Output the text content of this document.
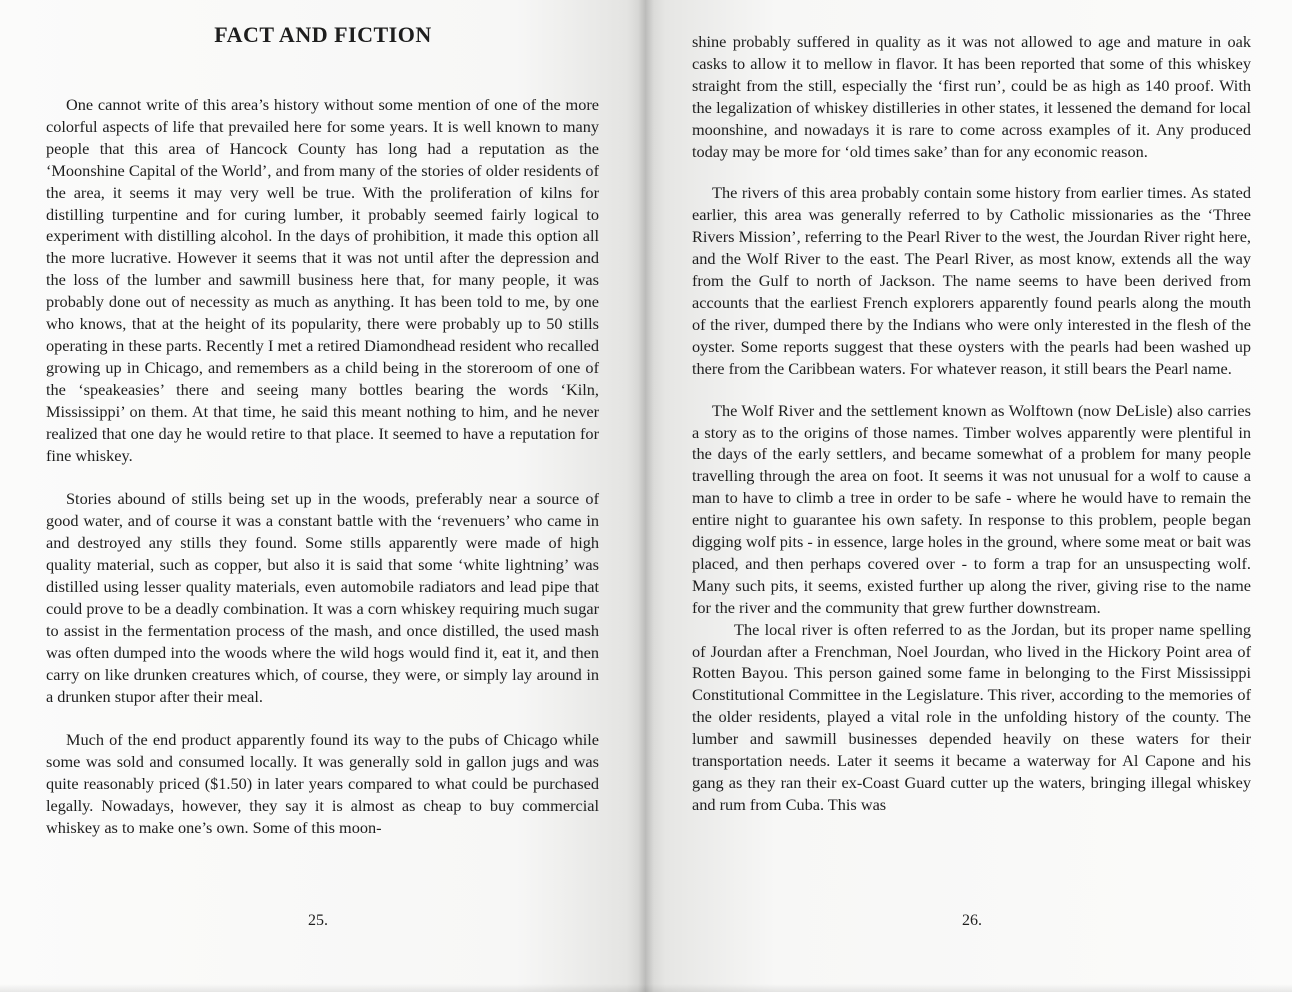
FACT AND FICTION

One cannot write of this area’s history without some mention of one of the more colorful aspects of life that prevailed here for some years. It is well known to many people that this area of Hancock County has long had a reputation as the ‘Moonshine Capital of the World’, and from many of the stories of older residents of the area, it seems it may very well be true. With the proliferation of kilns for distilling turpentine and for curing lumber, it probably seemed fairly logical to experiment with distilling alcohol. In the days of prohibition, it made this option all the more lucrative. However it seems that it was not until after the depression and the loss of the lumber and sawmill business here that, for many people, it was probably done out of necessity as much as anything. It has been told to me, by one who knows, that at the height of its popularity, there were probably up to 50 stills operating in these parts. Recently I met a retired Diamondhead resident who recalled growing up in Chicago, and remembers as a child being in the storeroom of one of the ‘speakeasies’ there and seeing many bottles bearing the words ‘Kiln, Mississippi’ on them. At that time, he said this meant nothing to him, and he never realized that one day he would retire to that place. It seemed to have a reputation for fine whiskey.

Stories abound of stills being set up in the woods, preferably near a source of good water, and of course it was a constant battle with the ‘revenuers’ who came in and destroyed any stills they found. Some stills apparently were made of high quality material, such as copper, but also it is said that some ‘white lightning’ was distilled using lesser quality materials, even automobile radiators and lead pipe that could prove to be a deadly combination. It was a corn whiskey requiring much sugar to assist in the fermentation process of the mash, and once distilled, the used mash was often dumped into the woods where the wild hogs would find it, eat it, and then carry on like drunken creatures which, of course, they were, or simply lay around in a drunken stupor after their meal.

Much of the end product apparently found its way to the pubs of Chicago while some was sold and consumed locally. It was generally sold in gallon jugs and was quite reasonably priced ($1.50) in later years compared to what could be purchased legally. Nowadays, however, they say it is almost as cheap to buy commercial whiskey as to make one’s own. Some of this moon-

25.

shine probably suffered in quality as it was not allowed to age and mature in oak casks to allow it to mellow in flavor. It has been reported that some of this whiskey straight from the still, especially the ‘first run’, could be as high as 140 proof. With the legalization of whiskey distilleries in other states, it lessened the demand for local moonshine, and nowadays it is rare to come across examples of it. Any produced today may be more for ‘old times sake’ than for any economic reason.

The rivers of this area probably contain some history from earlier times. As stated earlier, this area was generally referred to by Catholic missionaries as the ‘Three Rivers Mission’, referring to the Pearl River to the west, the Jourdan River right here, and the Wolf River to the east. The Pearl River, as most know, extends all the way from the Gulf to north of Jackson. The name seems to have been derived from accounts that the earliest French explorers apparently found pearls along the mouth of the river, dumped there by the Indians who were only interested in the flesh of the oyster. Some reports suggest that these oysters with the pearls had been washed up there from the Caribbean waters. For whatever reason, it still bears the Pearl name.

The Wolf River and the settlement known as Wolftown (now DeLisle) also carries a story as to the origins of those names. Timber wolves apparently were plentiful in the days of the early settlers, and became somewhat of a problem for many people travelling through the area on foot. It seems it was not unusual for a wolf to cause a man to have to climb a tree in order to be safe - where he would have to remain the entire night to guarantee his own safety. In response to this problem, people began digging wolf pits - in essence, large holes in the ground, where some meat or bait was placed, and then perhaps covered over - to form a trap for an unsuspecting wolf. Many such pits, it seems, existed further up along the river, giving rise to the name for the river and the community that grew further downstream.

The local river is often referred to as the Jordan, but its proper name spelling of Jourdan after a Frenchman, Noel Jourdan, who lived in the Hickory Point area of Rotten Bayou. This person gained some fame in belonging to the First Mississippi Constitutional Committee in the Legislature. This river, according to the memories of the older residents, played a vital role in the unfolding history of the county. The lumber and sawmill businesses depended heavily on these waters for their transportation needs. Later it seems it became a waterway for Al Capone and his gang as they ran their ex-Coast Guard cutter up the waters, bringing illegal whiskey and rum from Cuba. This was

26.
